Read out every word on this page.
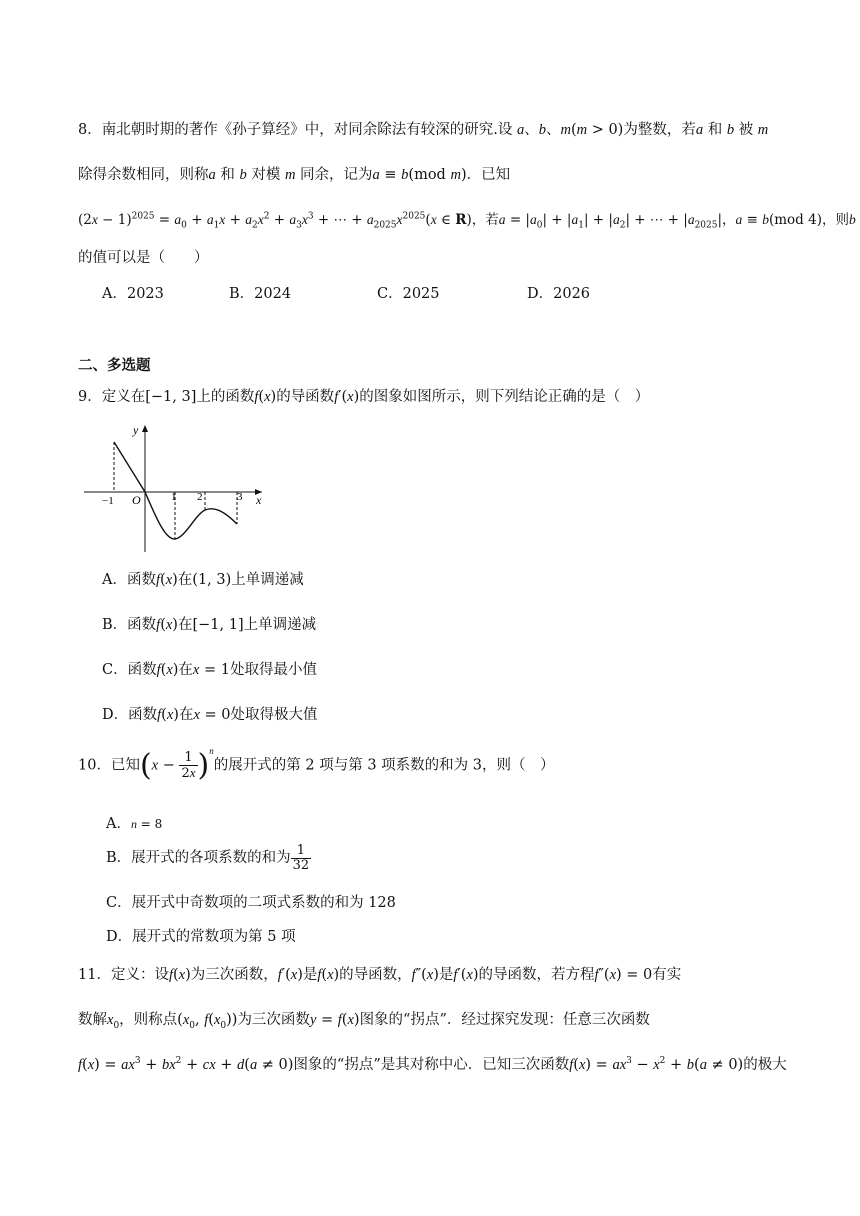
8．南北朝时期的著作《孙子算经》中，对同余除法有较深的研究.设 a、b、m(m > 0)为整数，若a 和 b 被 m
除得余数相同，则称a 和 b 对模 m 同余，记为a ≡ b(mod m)．已知
$(2x - 1)^{2025} = a_0 + a_1x + a_2x^2 + a_3x^3$ + ⋯ + $a_{2025}x^{2025}(x$ ∈ R)，若$a = |a_0| + |a_1| + |a_2|$ + ⋯ + $|a_{2025}|$，a ≡ b(mod 4)，则b
的值可以是（　　）
A．2023	B．2024	C．2025	D．2026
二、多选题
9．定义在[−1, 3]上的函数f(x)的导函数f′(x)的图象如图所示，则下列结论正确的是（　）
y
x
O
−1	1 2	3
A．函数f(x)在(1, 3)上单调递减
B．函数f(x)在[−1, 1]上单调递减
C．函数f(x)在x = 1处取得最小值
D．函数f(x)在x = 0处取得极大值
10．已知$(x - \frac{1}{2x} )^n$的展开式的第 2 项与第 3 项系数的和为 3，则（　）
A．n = 8
B．展开式的各项系数的和为 $\frac{1}{32}$
C．展开式中奇数项的二项式系数的和为 128
D．展开式的常数项为第 5 项
11．定义：设f(x)为三次函数，f′(x)是f(x)的导函数，f″(x)是f′(x)的导函数，若方程f″(x) = 0有实
数解$x_0$，则称点($x_0$, $f(x_0)$)为三次函数y = f(x)图象的“拐点”．经过探究发现：任意三次函数
$f(x) = ax^3 + bx^2$ + cx + d(a ≠ 0)图象的“拐点”是其对称中心．已知三次函数$f(x) = ax^3 - x^2 + b(a \ne 0)$的极大
